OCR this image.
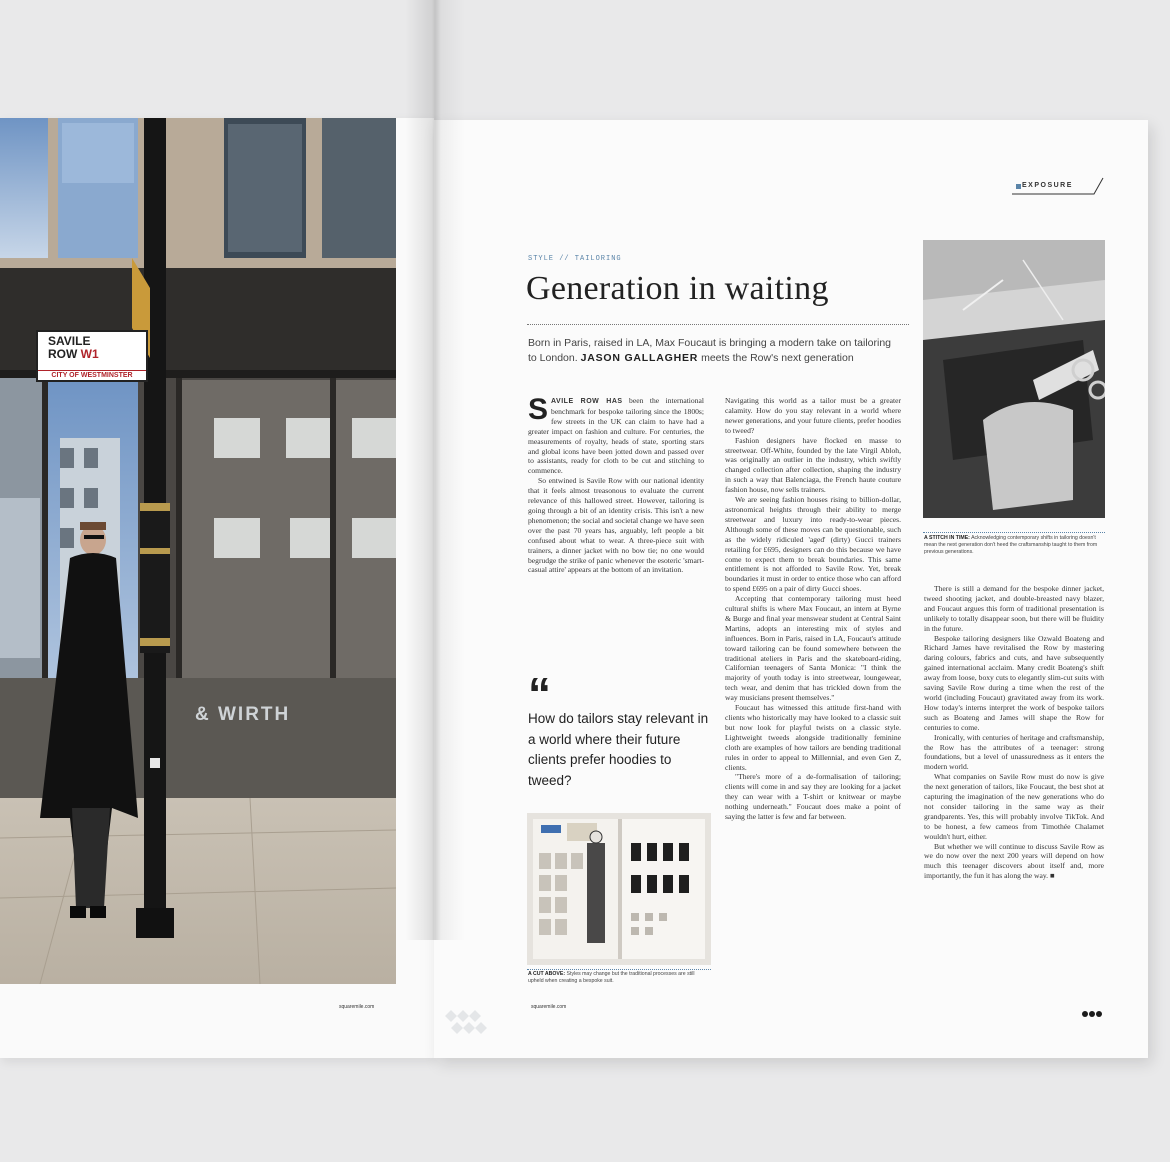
SAVILE
ROW W1
CITY OF WESTMINSTER
& WIRTH
squaremile.com
EXPOSURE
STYLE // TAILORING
Generation in waiting
Born in Paris, raised in LA, Max Foucaut is bringing a modern take on tailoring to London. JASON GALLAGHER meets the Row's next generation

SAVILE ROW HAS been the international benchmark for bespoke tailoring since the 1800s; few streets in the UK can claim to have had a greater impact on fashion and culture. For centuries, the measurements of royalty, heads of state, sporting stars and global icons have been jotted down and passed over to assistants, ready for cloth to be cut and stitching to commence.

So entwined is Savile Row with our national identity that it feels almost treasonous to evaluate the current relevance of this hallowed street. However, tailoring is going through a bit of an identity crisis. This isn't a new phenomenon; the social and societal change we have seen over the past 70 years has, arguably, left people a bit confused about what to wear. A three-piece suit with trainers, a dinner jacket with no bow tie; no one would begrudge the strike of panic whenever the esoteric 'smart-casual attire' appears at the bottom of an invitation.

“
How do tailors stay relevant in a world where their future clients prefer hoodies to tweed?
A CUT ABOVE: Styles may change but the traditional processes are still upheld when creating a bespoke suit.

Navigating this world as a tailor must be a greater calamity. How do you stay relevant in a world where newer generations, and your future clients, prefer hoodies to tweed?

Fashion designers have flocked en masse to streetwear. Off-White, founded by the late Virgil Abloh, was originally an outlier in the industry, which swiftly changed collection after collection, shaping the industry in such a way that Balenciaga, the French haute couture fashion house, now sells trainers.

We are seeing fashion houses rising to billion-dollar, astronomical heights through their ability to merge streetwear and luxury into ready-to-wear pieces. Although some of these moves can be questionable, such as the widely ridiculed 'aged' (dirty) Gucci trainers retailing for £695, designers can do this because we have come to expect them to break boundaries. This same entitlement is not afforded to Savile Row. Yet, break boundaries it must in order to entice those who can afford to spend £695 on a pair of dirty Gucci shoes.

Accepting that contemporary tailoring must heed cultural shifts is where Max Foucaut, an intern at Byrne & Burge and final year menswear student at Central Saint Martins, adopts an interesting mix of styles and influences. Born in Paris, raised in LA, Foucaut's attitude toward tailoring can be found somewhere between the traditional ateliers in Paris and the skateboard-riding, Californian teenagers of Santa Monica: "I think the majority of youth today is into streetwear, loungewear, tech wear, and denim that has trickled down from the way musicians present themselves."

Foucaut has witnessed this attitude first-hand with clients who historically may have looked to a classic suit but now look for playful twists on a classic style. Lightweight tweeds alongside traditionally feminine cloth are examples of how tailors are bending traditional rules in order to appeal to Millennial, and even Gen Z, clients.

"There's more of a de-formalisation of tailoring; clients will come in and say they are looking for a jacket they can wear with a T-shirt or knitwear or maybe nothing underneath." Foucaut does make a point of saying the latter is few and far between.

A STITCH IN TIME: Acknowledging contemporary shifts in tailoring doesn't mean the next generation don't heed the craftsmanship taught to them from previous generations.

There is still a demand for the bespoke dinner jacket, tweed shooting jacket, and double-breasted navy blazer, and Foucaut argues this form of traditional presentation is unlikely to totally disappear soon, but there will be fluidity in the future.

Bespoke tailoring designers like Ozwald Boateng and Richard James have revitalised the Row by mastering daring colours, fabrics and cuts, and have subsequently gained international acclaim. Many credit Boateng's shift away from loose, boxy cuts to elegantly slim-cut suits with saving Savile Row during a time when the rest of the world (including Foucaut) gravitated away from its work. How today's interns interpret the work of bespoke tailors such as Boateng and James will shape the Row for centuries to come.

Ironically, with centuries of heritage and craftsmanship, the Row has the attributes of a teenager: strong foundations, but a level of unassuredness as it enters the modern world.

What companies on Savile Row must do now is give the next generation of tailors, like Foucaut, the best shot at capturing the imagination of the new generations who do not consider tailoring in the same way as their grandparents. Yes, this will probably involve TikTok. And to be honest, a few cameos from Timothée Chalamet wouldn't hurt, either.

But whether we will continue to discuss Savile Row as we do now over the next 200 years will depend on how much this teenager discovers about itself and, more importantly, the fun it has along the way. ■

squaremile.com
